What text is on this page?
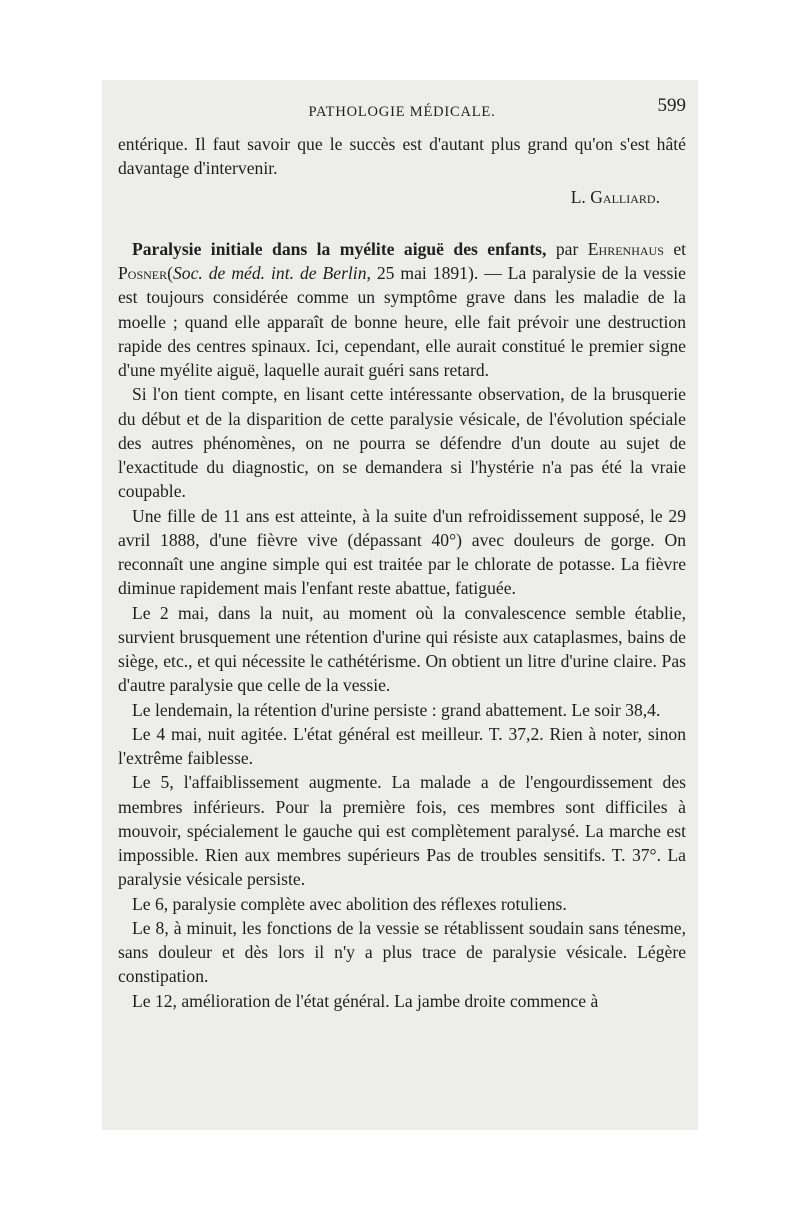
PATHOLOGIE MÉDICALE.	599

entérique. Il faut savoir que le succès est d'autant plus grand qu'on s'est hâté davantage d'intervenir.

L. Galliard.

Paralysie initiale dans la myélite aiguë des enfants, par Ehrenhaus et Posner(Soc. de méd. int. de Berlin, 25 mai 1891). — La paralysie de la vessie est toujours considérée comme un symptôme grave dans les maladie de la moelle ; quand elle apparaît de bonne heure, elle fait prévoir une destruction rapide des centres spinaux. Ici, cependant, elle aurait constitué le premier signe d'une myélite aiguë, laquelle aurait guéri sans retard.

Si l'on tient compte, en lisant cette intéressante observation, de la brusquerie du début et de la disparition de cette paralysie vésicale, de l'évolution spéciale des autres phénomènes, on ne pourra se défendre d'un doute au sujet de l'exactitude du diagnostic, on se demandera si l'hystérie n'a pas été la vraie coupable.

Une fille de 11 ans est atteinte, à la suite d'un refroidissement supposé, le 29 avril 1888, d'une fièvre vive (dépassant 40°) avec douleurs de gorge. On reconnaît une angine simple qui est traitée par le chlorate de potasse. La fièvre diminue rapidement mais l'enfant reste abattue, fatiguée.

Le 2 mai, dans la nuit, au moment où la convalescence semble établie, survient brusquement une rétention d'urine qui résiste aux cataplasmes, bains de siège, etc., et qui nécessite le cathétérisme. On obtient un litre d'urine claire. Pas d'autre paralysie que celle de la vessie.

Le lendemain, la rétention d'urine persiste : grand abattement. Le soir 38,4.

Le 4 mai, nuit agitée. L'état général est meilleur. T. 37,2. Rien à noter, sinon l'extrême faiblesse.

Le 5, l'affaiblissement augmente. La malade a de l'engourdissement des membres inférieurs. Pour la première fois, ces membres sont difficiles à mouvoir, spécialement le gauche qui est complètement paralysé. La marche est impossible. Rien aux membres supérieurs Pas de troubles sensitifs. T. 37°. La paralysie vésicale persiste.

Le 6, paralysie complète avec abolition des réflexes rotuliens.

Le 8, à minuit, les fonctions de la vessie se rétablissent soudain sans ténesme, sans douleur et dès lors il n'y a plus trace de paralysie vésicale. Légère constipation.

Le 12, amélioration de l'état général. La jambe droite commence à
